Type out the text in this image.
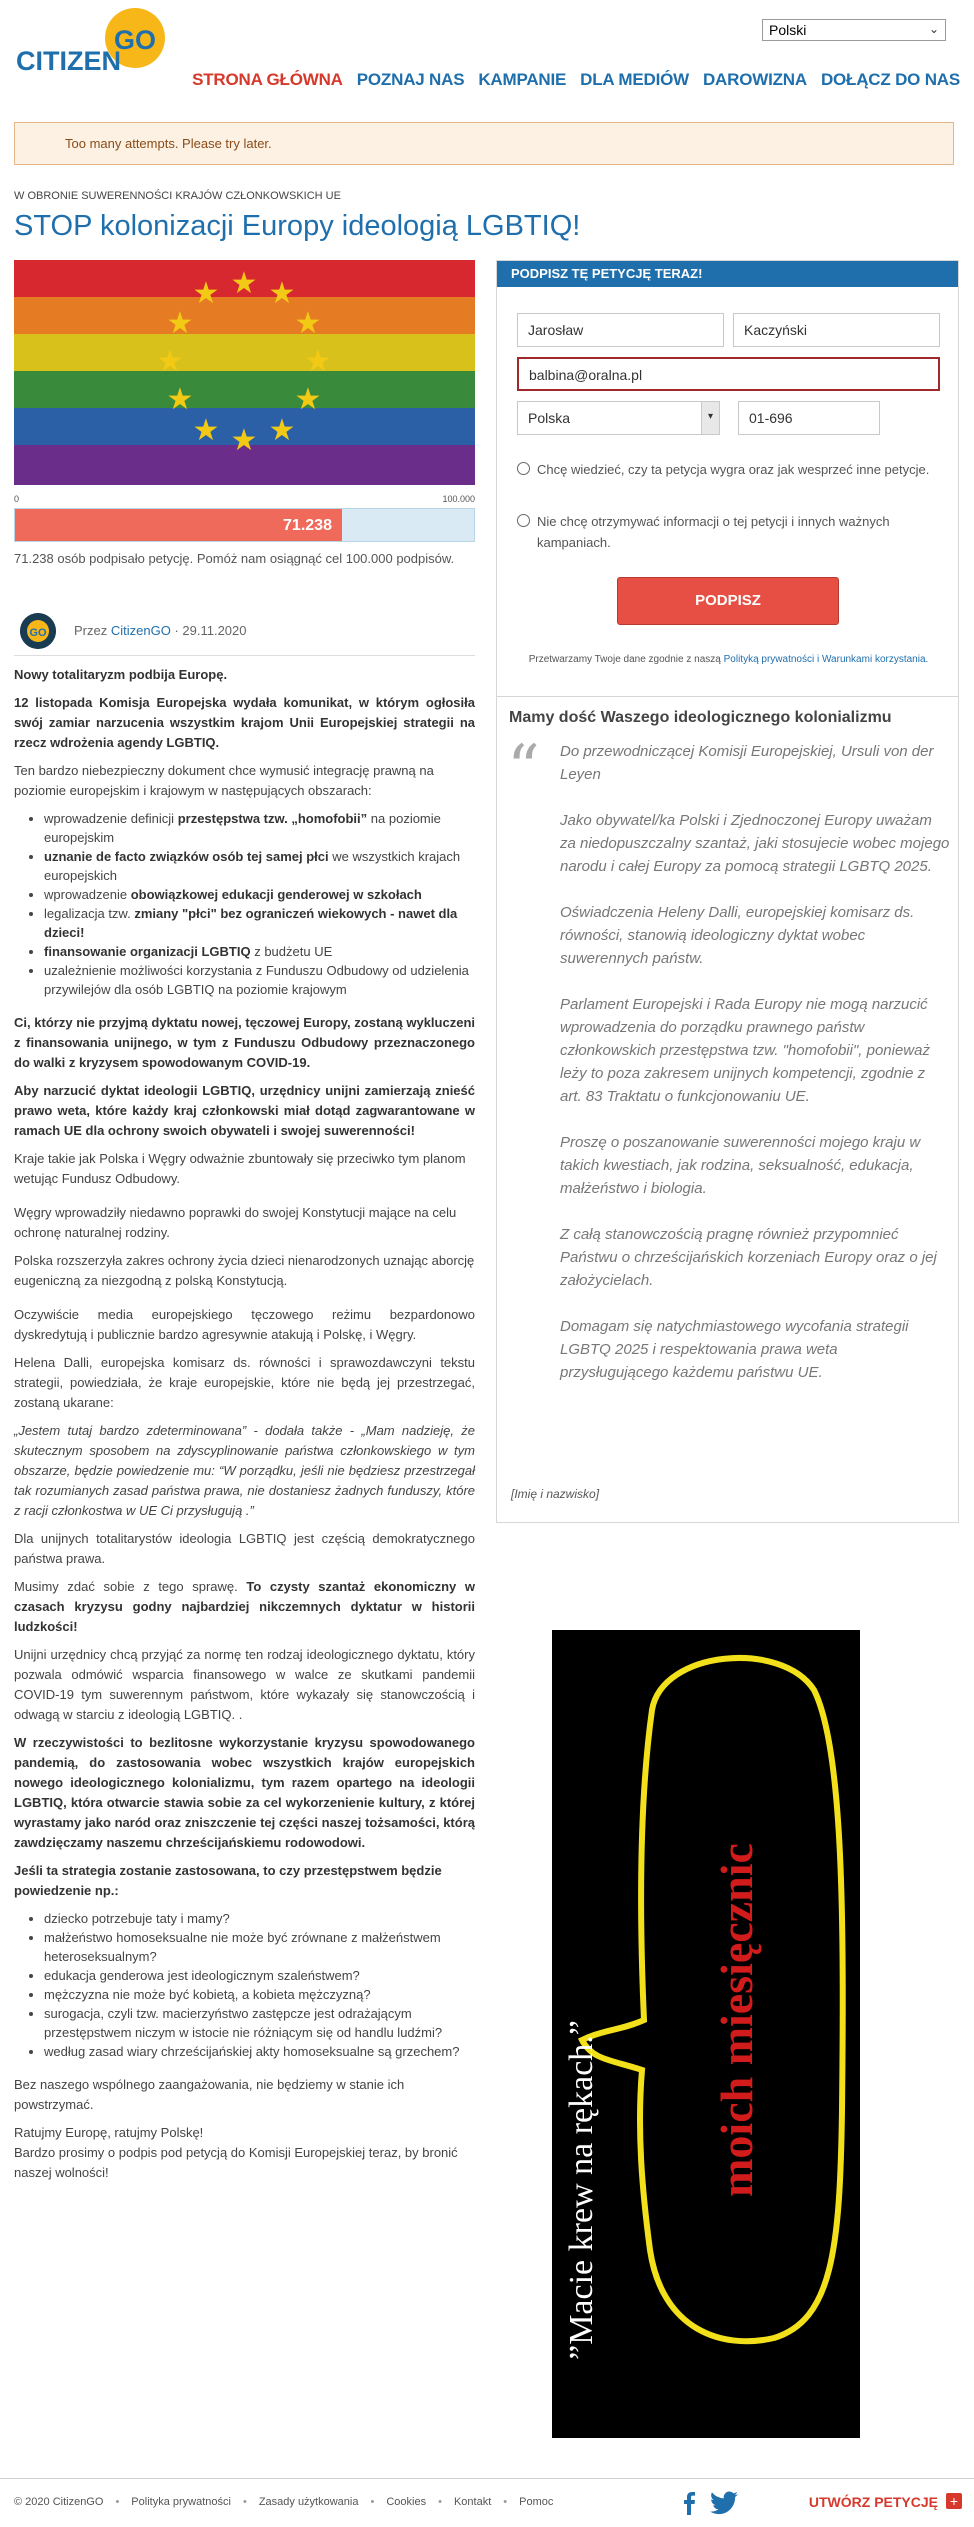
CITIZEN
GO	Polski	⌄
STRONA GŁÓWNA POZNAJ NAS KAMPANIE DLA MEDIÓW DAROWIZNA DOŁĄCZ DO NAS
Too many attempts. Please try later.
W OBRONIE SUWERENNOŚCI KRAJÓW CZŁONKOWSKICH UE
STOP kolonizacji Europy ideologią LGBTIQ!
★ ★
★
★
★
★
★
★
★
★
★
★
0	100.000
71.238
71.238 osób podpisało petycję. Pomóż nam osiągnąć cel 100.000 podpisów.
GO Przez CitizenGO · 29.11.2020

Nowy totalitaryzm podbija Europę.

12 listopada Komisja Europejska wydała komunikat, w którym ogłosiła swój zamiar narzucenia wszystkim krajom Unii Europejskiej strategii na rzecz wdrożenia agendy LGBTIQ.

Ten bardzo niebezpieczny dokument chce wymusić integrację prawną na poziomie europejskim i krajowym w następujących obszarach:

• wprowadzenie definicji przestępstwa tzw. „homofobii” na poziomie europejskim
• uznanie de facto związków osób tej samej płci we wszystkich krajach europejskich
• wprowadzenie obowiązkowej edukacji genderowej w szkołach
• legalizacja tzw. zmiany "płci" bez ograniczeń wiekowych - nawet dla dzieci!
• finansowanie organizacji LGBTIQ z budżetu UE
• uzależnienie możliwości korzystania z Funduszu Odbudowy od udzielenia przywilejów dla osób LGBTIQ na poziomie krajowym

Ci, którzy nie przyjmą dyktatu nowej, tęczowej Europy, zostaną wykluczeni z finansowania unijnego, w tym z Funduszu Odbudowy przeznaczonego do walki z kryzysem spowodowanym COVID-19.

Aby narzucić dyktat ideologii LGBTIQ, urzędnicy unijni zamierzają znieść prawo weta, które każdy kraj członkowski miał dotąd zagwarantowane w ramach UE dla ochrony swoich obywateli i swojej suwerenności!

Kraje takie jak Polska i Węgry odważnie zbuntowały się przeciwko tym planom wetując Fundusz Odbudowy.

Węgry wprowadziły niedawno poprawki do swojej Konstytucji mające na celu ochronę naturalnej rodziny.

Polska rozszerzyła zakres ochrony życia dzieci nienarodzonych uznając aborcję eugeniczną za niezgodną z polską Konstytucją.

Oczywiście media europejskiego tęczowego reżimu bezpardonowo dyskredytują i publicznie bardzo agresywnie atakują i Polskę, i Węgry.

Helena Dalli, europejska komisarz ds. równości i sprawozdawczyni tekstu strategii, powiedziała, że kraje europejskie, które nie będą jej przestrzegać, zostaną ukarane:

„Jestem tutaj bardzo zdeterminowana” - dodała także - „Mam nadzieję, że skutecznym sposobem na zdyscyplinowanie państwa członkowskiego w tym obszarze, będzie powiedzenie mu: “W porządku, jeśli nie będziesz przestrzegał tak rozumianych zasad państwa prawa, nie dostaniesz żadnych funduszy, które z racji członkostwa w UE Ci przysługują .”

Dla unijnych totalitarystów ideologia LGBTIQ jest częścią demokratycznego państwa prawa.

Musimy zdać sobie z tego sprawę. To czysty szantaż ekonomiczny w czasach kryzysu godny najbardziej nikczemnych dyktatur w historii ludzkości!

Unijni urzędnicy chcą przyjąć za normę ten rodzaj ideologicznego dyktatu, który pozwala odmówić wsparcia finansowego w walce ze skutkami pandemii COVID-19 tym suwerennym państwom, które wykazały się stanowczością i odwagą w starciu z ideologią LGBTIQ. .

W rzeczywistości to bezlitosne wykorzystanie kryzysu spowodowanego pandemią, do zastosowania wobec wszystkich krajów europejskich nowego ideologicznego kolonializmu, tym razem opartego na ideologii LGBTIQ, która otwarcie stawia sobie za cel wykorzenienie kultury, z której wyrastamy jako naród oraz zniszczenie tej części naszej tożsamości, którą zawdzięczamy naszemu chrześcijańskiemu rodowodowi.

Jeśli ta strategia zostanie zastosowana, to czy przestępstwem będzie powiedzenie np.:

• dziecko potrzebuje taty i mamy?
• małżeństwo homoseksualne nie może być zrównane z małżeństwem heteroseksualnym?
• edukacja genderowa jest ideologicznym szaleństwem?
• mężczyzna nie może być kobietą, a kobieta mężczyzną?
• surogacja, czyli tzw. macierzyństwo zastępcze jest odrażającym przestępstwem niczym w istocie nie różniącym się od handlu ludźmi?
• według zasad wiary chrześcijańskiej akty homoseksualne są grzechem?

Bez naszego wspólnego zaangażowania, nie będziemy w stanie ich powstrzymać.

Ratujmy Europę, ratujmy Polskę!

Bardzo prosimy o podpis pod petycją do Komisji Europejskiej teraz, by bronić naszej wolności!

PODPISZ TĘ PETYCJĘ TERAZ!
Jarosław	Kaczyński
balbina@oralna.pl
Polska	▾	01-696
Chcę wiedzieć, czy ta petycja wygra oraz jak wesprzeć inne petycje.
Nie chcę otrzymywać informacji o tej petycji i innych ważnych kampaniach.
PODPISZ
Przetwarzamy Twoje dane zgodnie z naszą Polityką prywatności i Warunkami korzystania.
Mamy dość Waszego ideologicznego kolonializmu
“ Do przewodniczącej Komisji Europejskiej, Ursuli von der Leyen

Jako obywatel/ka Polski i Zjednoczonej Europy uważam za niedopuszczalny szantaż, jaki stosujecie wobec mojego narodu i całej Europy za pomocą strategii LGBTQ 2025.

Oświadczenia Heleny Dalli, europejskiej komisarz ds. równości, stanowią ideologiczny dyktat wobec suwerennych państw.

Parlament Europejski i Rada Europy nie mogą narzucić wprowadzenia do porządku prawnego państw członkowskich przestępstwa tzw. "homofobii", ponieważ leży to poza zakresem unijnych kompetencji, zgodnie z art. 83 Traktatu o funkcjonowaniu UE.

Proszę o poszanowanie suwerenności mojego kraju w takich kwestiach, jak rodzina, seksualność, edukacja, małżeństwo i biologia.

Z całą stanowczością pragnę również przypomnieć Państwu o chrześcijańskich korzeniach Europy oraz o jej założycielach.

Domagam się natychmiastowego wycofania strategii LGBTQ 2025 i respektowania prawa weta przysługującego każdemu państwu UE.

[Imię i nazwisko]
moich miesięcznic
”Macie krew na rękach.”
© 2020 CitizenGO • Polityka prywatności • Zasady użytkowania • Cookies • Kontakt • Pomoc	UTWÓRZ PETYCJĘ +
